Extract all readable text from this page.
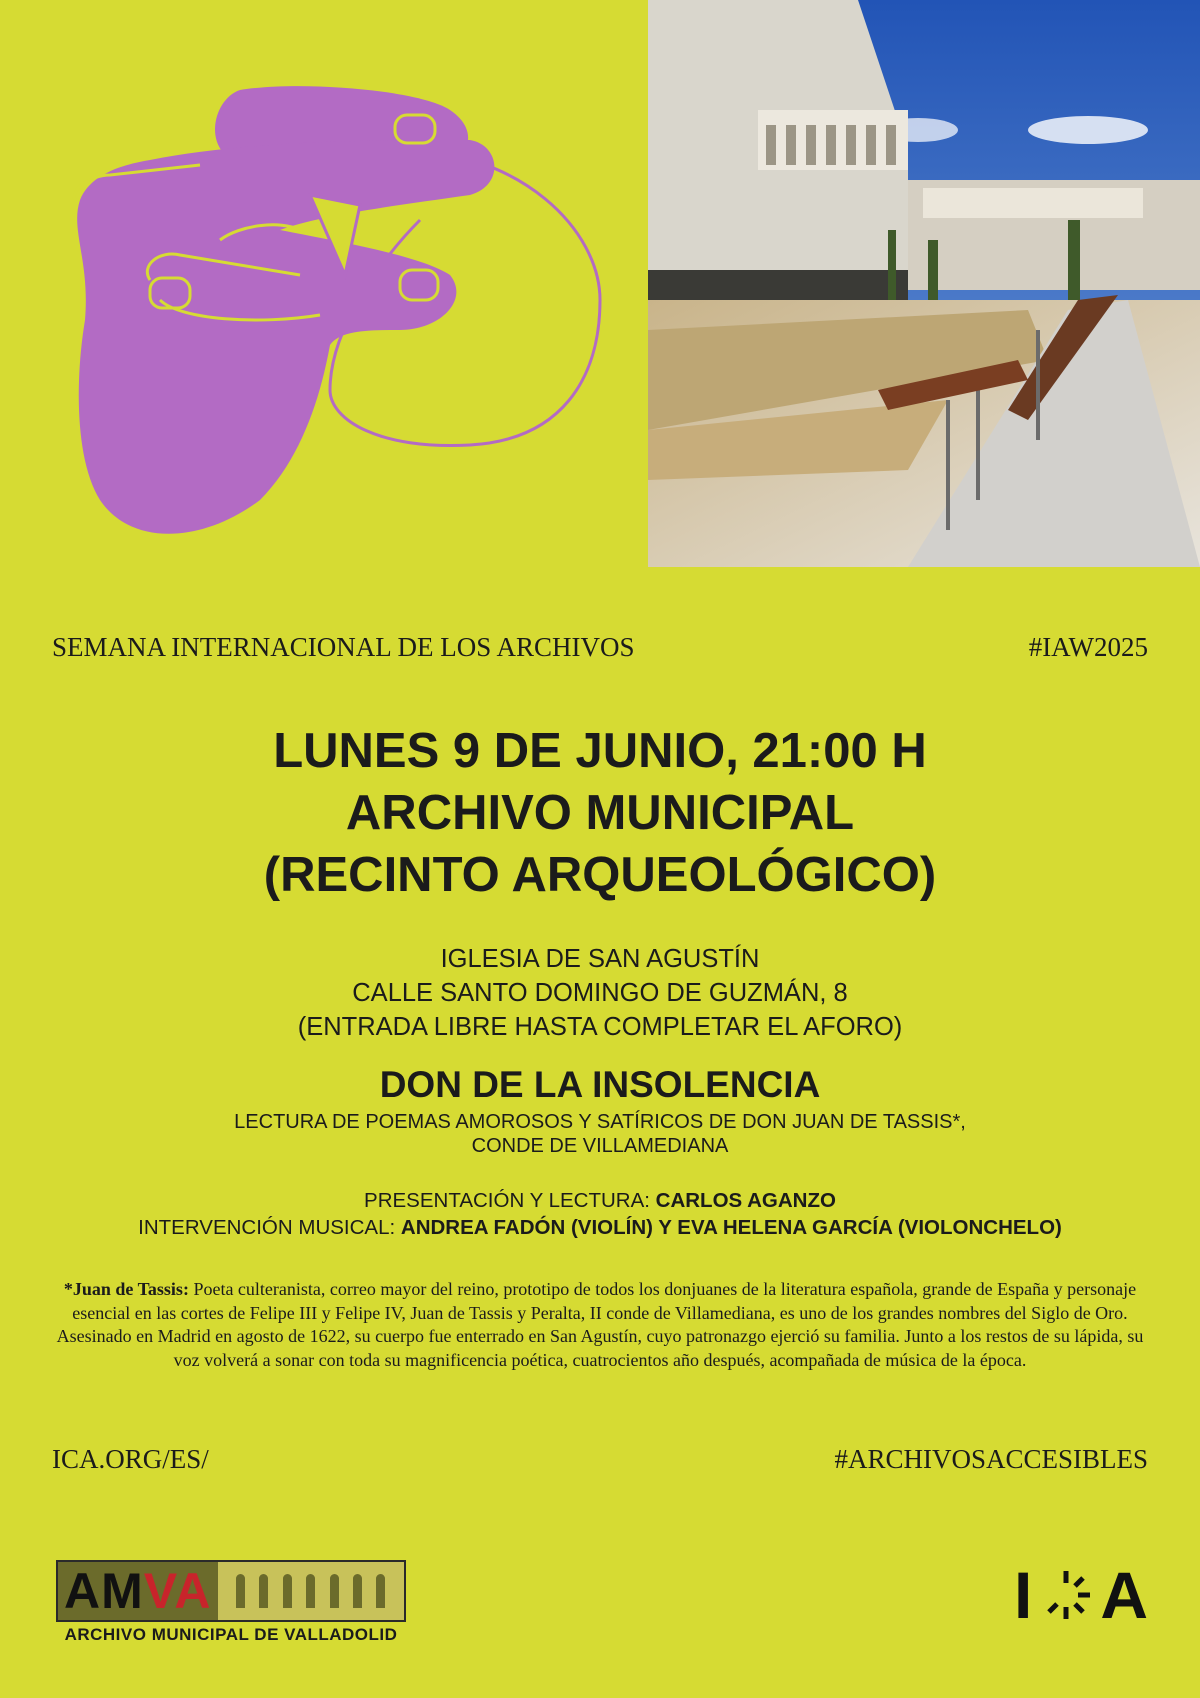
SEMANA INTERNACIONAL DE LOS ARCHIVOS	#IAW2025
LUNES 9 DE JUNIO, 21:00 H
ARCHIVO MUNICIPAL
(RECINTO ARQUEOLÓGICO)
IGLESIA DE SAN AGUSTÍN
CALLE SANTO DOMINGO DE GUZMÁN, 8
(ENTRADA LIBRE HASTA COMPLETAR EL AFORO)
DON DE LA INSOLENCIA
LECTURA DE POEMAS AMOROSOS Y SATÍRICOS DE DON JUAN DE TASSIS*,
CONDE DE VILLAMEDIANA
PRESENTACIÓN Y LECTURA: CARLOS AGANZO
INTERVENCIÓN MUSICAL: ANDREA FADÓN (VIOLÍN) Y EVA HELENA GARCÍA (VIOLONCHELO)
*Juan de Tassis: Poeta culteranista, correo mayor del reino, prototipo de todos los donjuanes de la literatura española, grande de España y personaje esencial en las cortes de Felipe III y Felipe IV, Juan de Tassis y Peralta, II conde de Villamediana, es uno de los grandes nombres del Siglo de Oro. Asesinado en Madrid en agosto de 1622, su cuerpo fue enterrado en San Agustín, cuyo patronazgo ejerció su familia. Junto a los restos de su lápida, su voz volverá a sonar con toda su magnificencia poética, cuatrocientos año después, acompañada de música de la época.
ICA.ORG/ES/	#ARCHIVOSACCESIBLES
AM VA
ARCHIVO MUNICIPAL DE VALLADOLID
I A
